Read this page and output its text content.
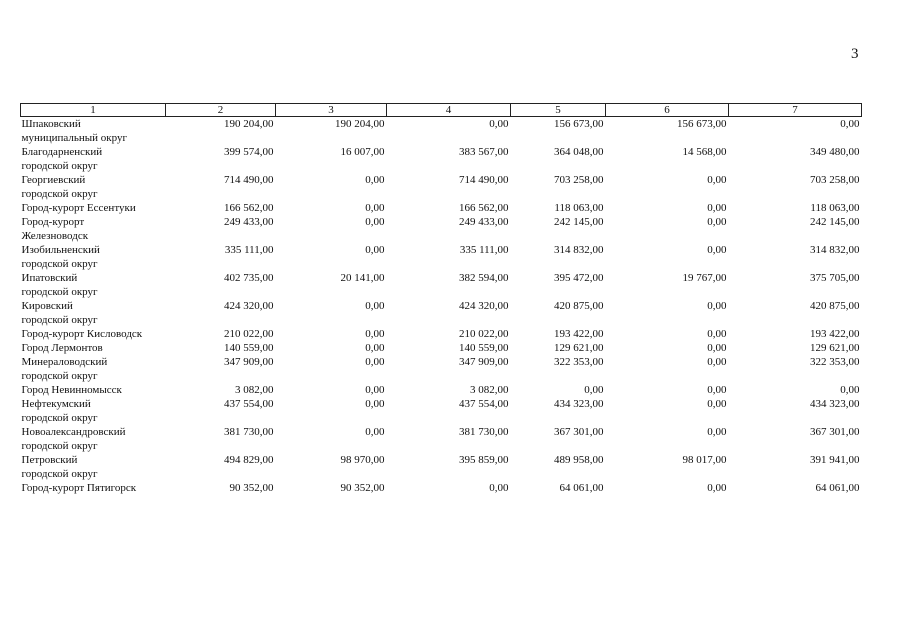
3
1	2	3	4	5	6	7
Шпаковский
муниципальный округ	190 204,00	190 204,00	0,00	156 673,00	156 673,00	0,00
Благодарненский
городской округ	399 574,00	16 007,00	383 567,00	364 048,00	14 568,00	349 480,00
Георгиевский
городской округ	714 490,00	0,00	714 490,00	703 258,00	0,00	703 258,00
Город-курорт Ессентуки	166 562,00	0,00	166 562,00	118 063,00	0,00	118 063,00
Город-курорт
Железноводск	249 433,00	0,00	249 433,00	242 145,00	0,00	242 145,00
Изобильненский
городской округ	335 111,00	0,00	335 111,00	314 832,00	0,00	314 832,00
Ипатовский
городской округ	402 735,00	20 141,00	382 594,00	395 472,00	19 767,00	375 705,00
Кировский
городской округ	424 320,00	0,00	424 320,00	420 875,00	0,00	420 875,00
Город-курорт Кисловодск	210 022,00	0,00	210 022,00	193 422,00	0,00	193 422,00
Город Лермонтов	140 559,00	0,00	140 559,00	129 621,00	0,00	129 621,00
Минераловодский
городской округ	347 909,00	0,00	347 909,00	322 353,00	0,00	322 353,00
Город Невинномысск	3 082,00	0,00	3 082,00	0,00	0,00	0,00
Нефтекумский
городской округ	437 554,00	0,00	437 554,00	434 323,00	0,00	434 323,00
Новоалександровский
городской округ	381 730,00	0,00	381 730,00	367 301,00	0,00	367 301,00
Петровский
городской округ	494 829,00	98 970,00	395 859,00	489 958,00	98 017,00	391 941,00
Город-курорт Пятигорск	90 352,00	90 352,00	0,00	64 061,00	0,00	64 061,00
